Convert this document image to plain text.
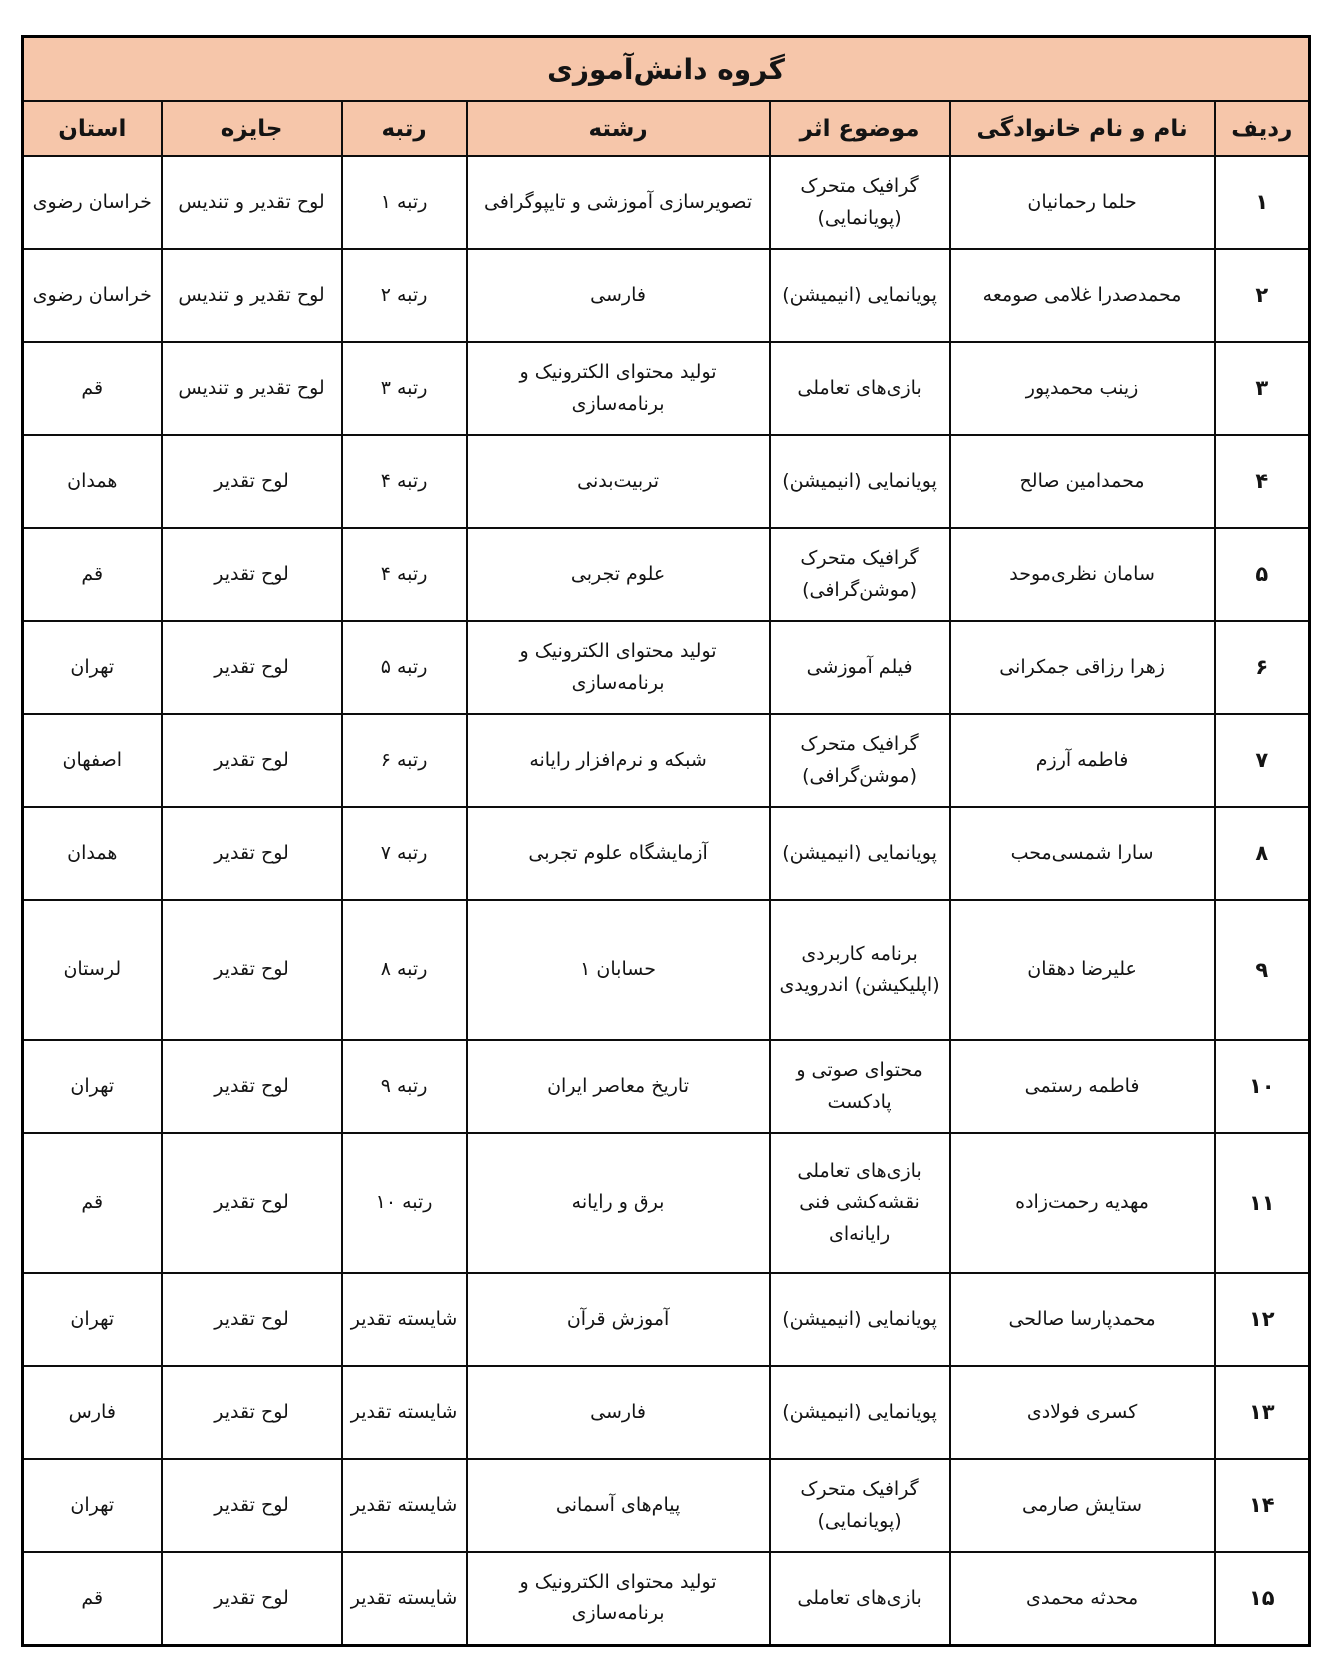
گروه دانش‌آموزی						
ردیف	نام و نام خانوادگی	موضوع اثر	رشته	رتبه	جایزه	استان
۱	حلما رحمانیان	گرافیک متحرک (پویانمایی)	تصویرسازی آموزشی و تایپوگرافی	رتبه ۱	لوح تقدیر و تندیس	خراسان رضوی
۲	محمدصدرا غلامی صومعه	پویانمایی (انیمیشن)	فارسی	رتبه ۲	لوح تقدیر و تندیس	خراسان رضوی
۳	زینب محمدپور	بازی‌های تعاملی	تولید محتوای الکترونیک و برنامه‌سازی	رتبه ۳	لوح تقدیر و تندیس	قم
۴	محمدامین صالح	پویانمایی (انیمیشن)	تربیت‌بدنی	رتبه ۴	لوح تقدیر	همدان
۵	سامان نظری‌موحد	گرافیک متحرک (موشن‌گرافی)	علوم تجربی	رتبه ۴	لوح تقدیر	قم
۶	زهرا رزاقی جمکرانی	فیلم آموزشی	تولید محتوای الکترونیک و برنامه‌سازی	رتبه ۵	لوح تقدیر	تهران
۷	فاطمه آرزم	گرافیک متحرک (موشن‌گرافی)	شبکه و نرم‌افزار رایانه	رتبه ۶	لوح تقدیر	اصفهان
۸	سارا شمسی‌محب	پویانمایی (انیمیشن)	آزمایشگاه علوم تجربی	رتبه ۷	لوح تقدیر	همدان
۹	علیرضا دهقان	برنامه کاربردی (اپلیکیشن) اندرویدی	حسابان ۱	رتبه ۸	لوح تقدیر	لرستان
۱۰	فاطمه رستمی	محتوای صوتی و پادکست	تاریخ معاصر ایران	رتبه ۹	لوح تقدیر	تهران
۱۱	مهدیه رحمت‌زاده	بازی‌های تعاملی نقشه‌کشی فنی رایانه‌ای	برق و رایانه	رتبه ۱۰	لوح تقدیر	قم
۱۲	محمدپارسا صالحی	پویانمایی (انیمیشن)	آموزش قرآن	شایسته تقدیر	لوح تقدیر	تهران
۱۳	کسری فولادی	پویانمایی (انیمیشن)	فارسی	شایسته تقدیر	لوح تقدیر	فارس
۱۴	ستایش صارمی	گرافیک متحرک (پویانمایی)	پیام‌های آسمانی	شایسته تقدیر	لوح تقدیر	تهران
۱۵	محدثه محمدی	بازی‌های تعاملی	تولید محتوای الکترونیک و برنامه‌سازی	شایسته تقدیر	لوح تقدیر	قم
